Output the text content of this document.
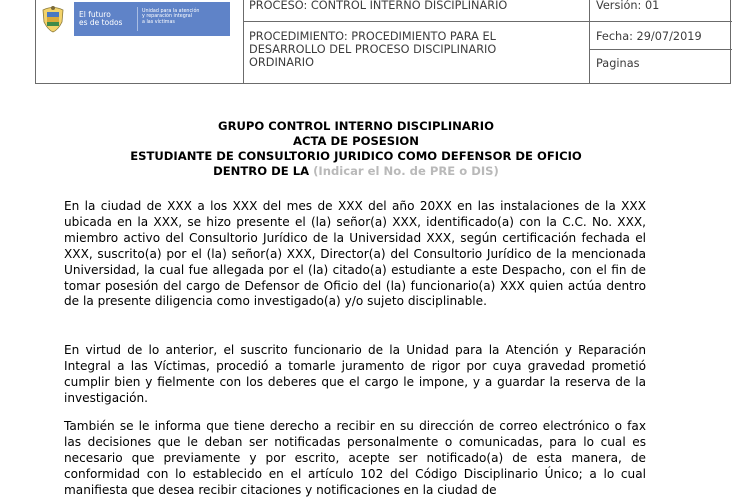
PROCESO: CONTROL INTERNO DISCIPLINARIO	Versión: 01
PROCEDIMIENTO: PROCEDIMIENTO PARA EL
DESARROLLO DEL PROCESO DISCIPLINARIO
ORDINARIO
Fecha: 29/07/2019
Paginas
El futuro
es de todos
Unidad para la atención
y reparación integral
a las víctimas
GRUPO CONTROL INTERNO DISCIPLINARIO
ACTA DE POSESION
ESTUDIANTE DE CONSULTORIO JURIDICO COMO DEFENSOR DE OFICIO
DENTRO DE LA (Indicar el No. de PRE o DIS)
En la ciudad de XXX a los XXX del mes de XXX del año 20XX en las instalaciones de la XXX ubicada en la XXX, se hizo presente el (la) señor(a) XXX, identificado(a) con la C.C. No. XXX, miembro activo del Consultorio Jurídico de la Universidad XXX, según certificación fechada el XXX, suscrito(a) por el (la) señor(a) XXX, Director(a) del Consultorio Jurídico de la mencionada Universidad, la cual fue allegada por el (la) citado(a) estudiante a este Despacho, con el fin de tomar posesión del cargo de Defensor de Oficio del (la) funcionario(a) XXX quien actúa dentro de la presente diligencia como investigado(a) y/o sujeto disciplinable.
En virtud de lo anterior, el suscrito funcionario de la Unidad para la Atención y Reparación Integral a las Víctimas, procedió a tomarle juramento de rigor por cuya gravedad prometió cumplir bien y fielmente con los deberes que el cargo le impone, y a guardar la reserva de la investigación.
También se le informa que tiene derecho a recibir en su dirección de correo electrónico o fax las decisiones que le deban ser notificadas personalmente o comunicadas, para lo cual es necesario que previamente y por escrito, acepte ser notificado(a) de esta manera, de conformidad con lo establecido en el artículo 102 del Código Disciplinario Único; a lo cual manifiesta que desea recibir citaciones y notificaciones en la ciudad de
